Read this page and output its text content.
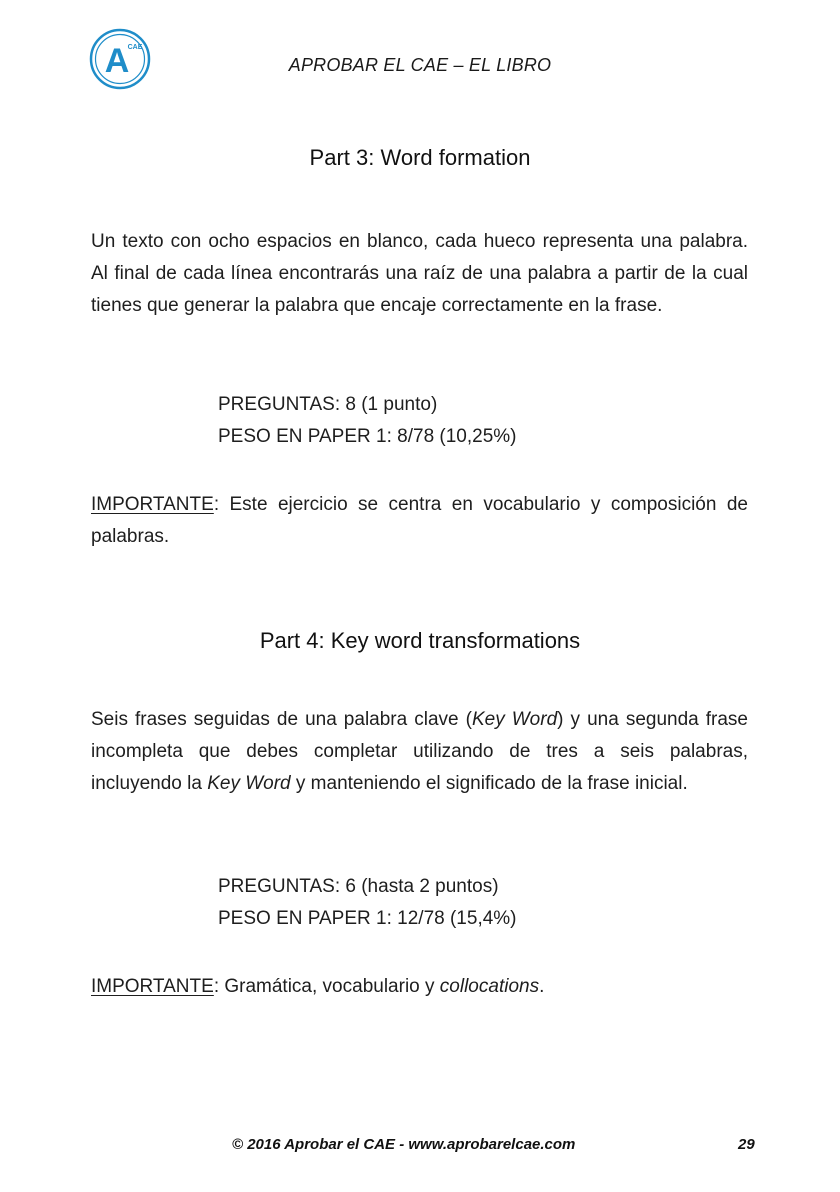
A
CAE
APROBAR EL CAE – EL LIBRO
Part 3: Word formation
Un texto con ocho espacios en blanco, cada hueco representa una palabra. Al final de cada línea encontrarás una raíz de una palabra a partir de la cual tienes que generar la palabra que encaje correctamente en la frase.
PREGUNTAS: 8 (1 punto)
PESO EN PAPER 1: 8/78 (10,25%)
IMPORTANTE: Este ejercicio se centra en vocabulario y composición de palabras.
Part 4: Key word transformations
Seis frases seguidas de una palabra clave (Key Word) y una segunda frase incompleta que debes completar utilizando de tres a seis palabras, incluyendo la Key Word y manteniendo el significado de la frase inicial.
PREGUNTAS: 6 (hasta 2 puntos)
PESO EN PAPER 1: 12/78 (15,4%)
IMPORTANTE: Gramática, vocabulario y collocations.
© 2016 Aprobar el CAE - www.aprobarelcae.com	29
